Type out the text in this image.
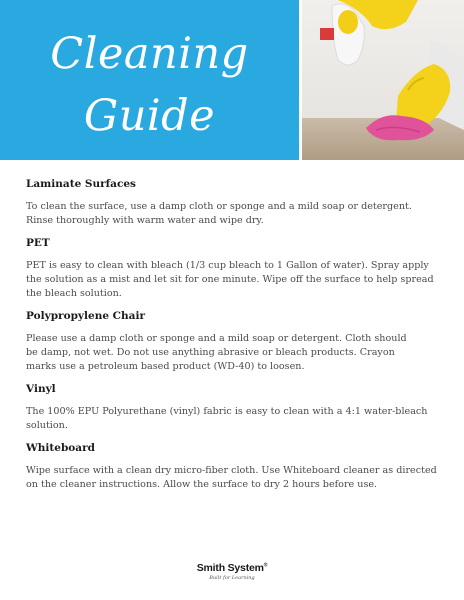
Cleaning
Guide
Laminate Surfaces

To clean the surface, use a damp cloth or sponge and a mild soap or detergent. Rinse thoroughly with warm water and wipe dry.

PET

PET is easy to clean with bleach (1/3 cup bleach to 1 Gallon of water). Spray apply the solution as a mist and let sit for one minute. Wipe off the surface to help spread the bleach solution.

Polypropylene Chair

Please use a damp cloth or sponge and a mild soap or detergent. Cloth should be damp, not wet. Do not use anything abrasive or bleach products. Crayon marks use a petroleum based product (WD-40) to loosen.

Vinyl

The 100% EPU Polyurethane (vinyl) fabric is easy to clean with a 4:1 water-bleach solution.

Whiteboard

Wipe surface with a clean dry micro-fiber cloth. Use Whiteboard cleaner as directed on the cleaner instructions. Allow the surface to dry 2 hours before use.

Smith System®
Built for Learning
